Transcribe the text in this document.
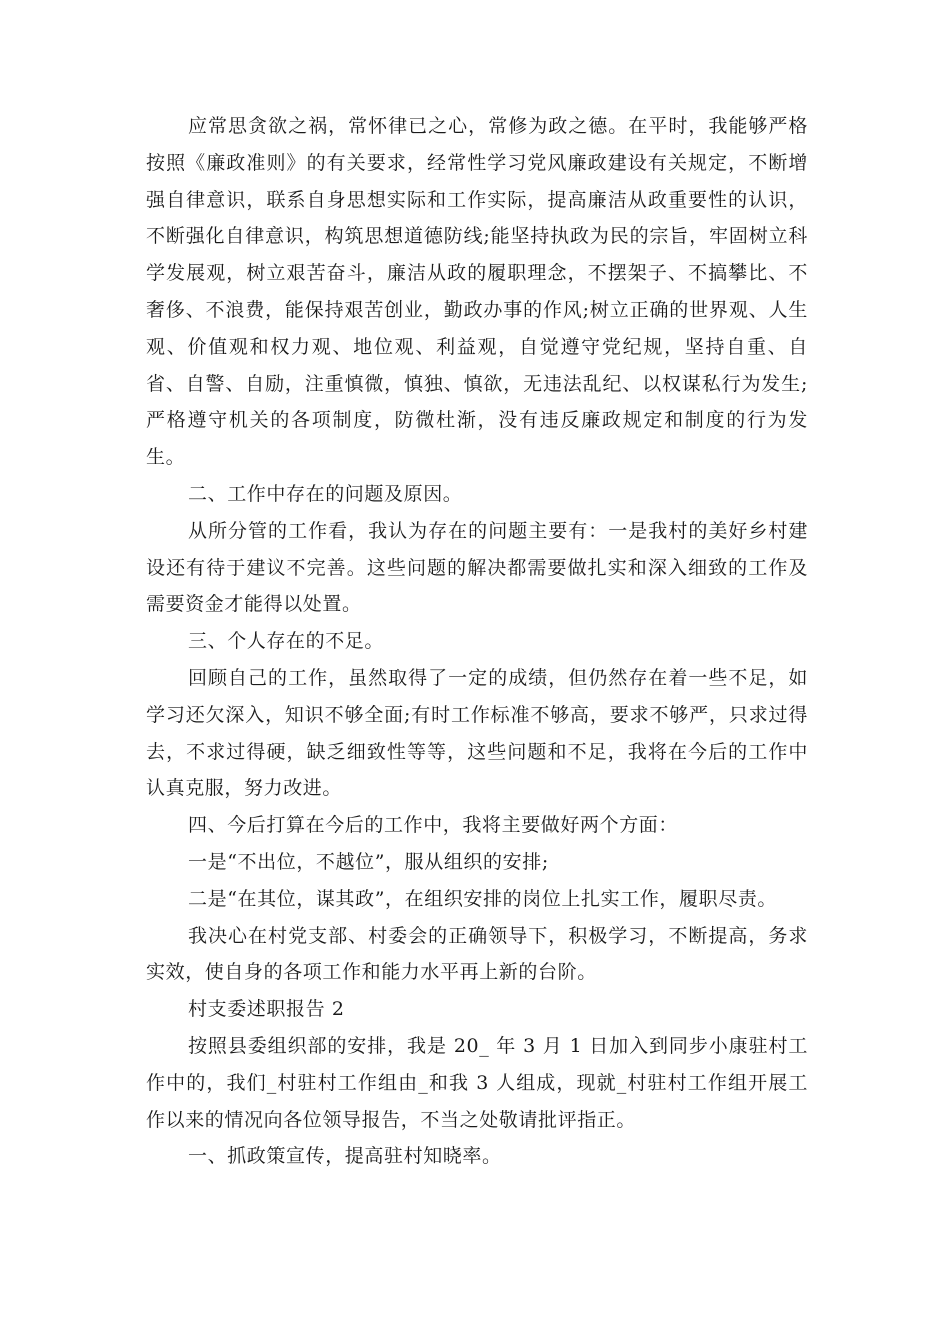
应常思贪欲之祸，常怀律已之心，常修为政之德。在平时，我能够严格按照《廉政准则》的有关要求，经常性学习党风廉政建设有关规定，不断增强自律意识，联系自身思想实际和工作实际，提高廉洁从政重要性的认识，不断强化自律意识，构筑思想道德防线;能坚持执政为民的宗旨，牢固树立科学发展观，树立艰苦奋斗，廉洁从政的履职理念，不摆架子、不搞攀比、不奢侈、不浪费，能保持艰苦创业，勤政办事的作风;树立正确的世界观、人生观、价值观和权力观、地位观、利益观，自觉遵守党纪规，坚持自重、自省、自警、自励，注重慎微，慎独、慎欲，无违法乱纪、以权谋私行为发生;严格遵守机关的各项制度，防微杜渐，没有违反廉政规定和制度的行为发生。

二、工作中存在的问题及原因。

从所分管的工作看，我认为存在的问题主要有：一是我村的美好乡村建设还有待于建议不完善。这些问题的解决都需要做扎实和深入细致的工作及需要资金才能得以处置。

三、个人存在的不足。

回顾自己的工作，虽然取得了一定的成绩，但仍然存在着一些不足，如学习还欠深入，知识不够全面;有时工作标准不够高，要求不够严，只求过得去，不求过得硬，缺乏细致性等等，这些问题和不足，我将在今后的工作中认真克服，努力改进。

四、今后打算在今后的工作中，我将主要做好两个方面：

一是“不出位，不越位”，服从组织的安排;

二是“在其位，谋其政”，在组织安排的岗位上扎实工作，履职尽责。

我决心在村党支部、村委会的正确领导下，积极学习，不断提高，务求实效，使自身的各项工作和能力水平再上新的台阶。

村支委述职报告 2

按照县委组织部的安排，我是 20_ 年 3 月 1 日加入到同步小康驻村工作中的，我们_村驻村工作组由_和我 3 人组成，现就_村驻村工作组开展工作以来的情况向各位领导报告，不当之处敬请批评指正。

一、抓政策宣传，提高驻村知晓率。
